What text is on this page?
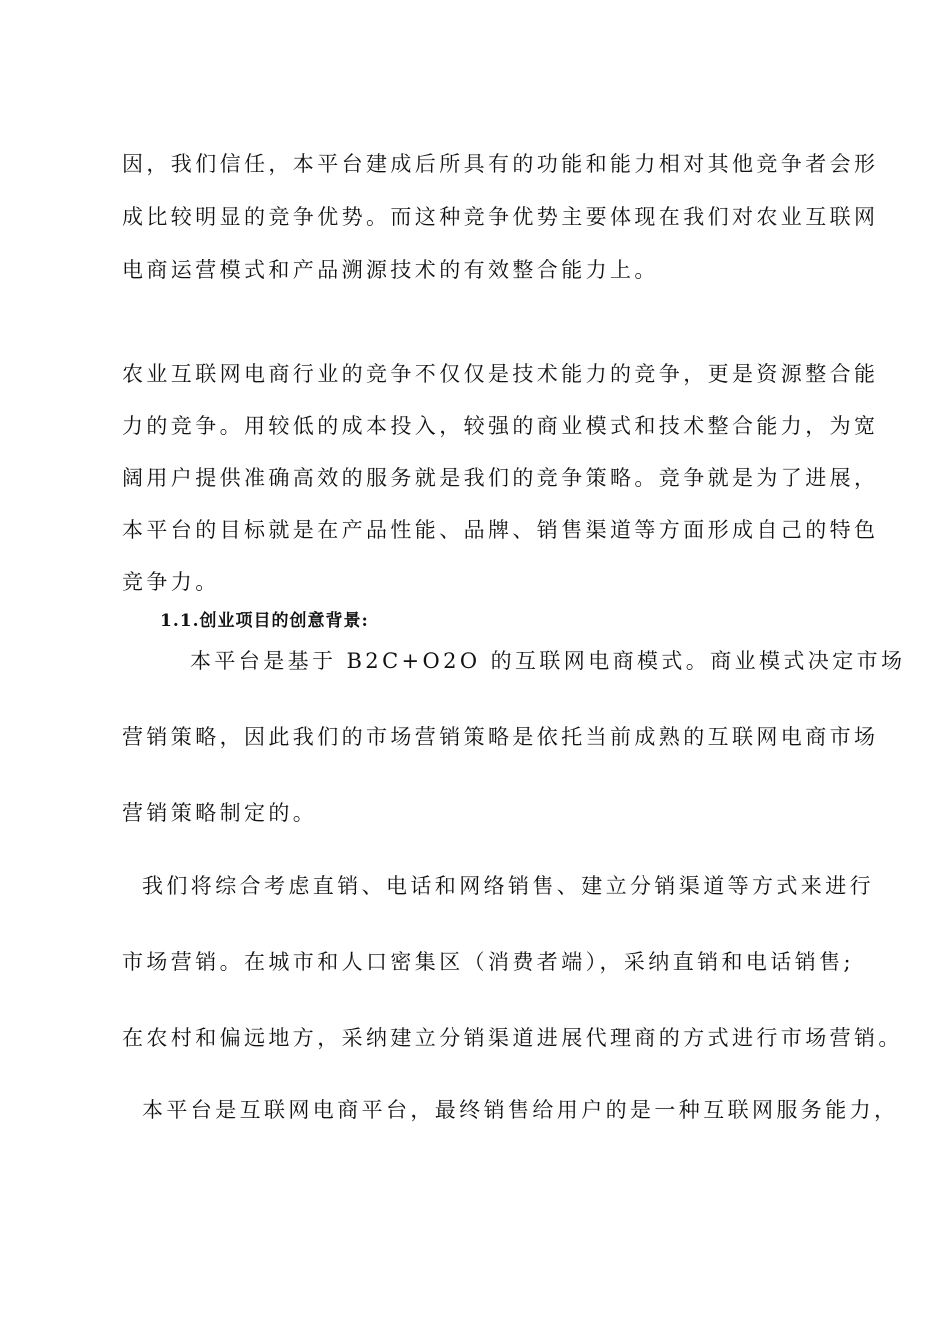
因，我们信任，本平台建成后所具有的功能和能力相对其他竞争者会形
成比较明显的竞争优势。而这种竞争优势主要体现在我们对农业互联网
电商运营模式和产品溯源技术的有效整合能力上。
农业互联网电商行业的竞争不仅仅是技术能力的竞争，更是资源整合能
力的竞争。用较低的成本投入，较强的商业模式和技术整合能力，为宽
阔用户提供准确高效的服务就是我们的竞争策略。竞争就是为了进展，
本平台的目标就是在产品性能、品牌、销售渠道等方面形成自己的特色
竞争力。
1.1.创业项目的创意背景:
本平台是基于 B2C+O2O 的互联网电商模式。商业模式决定市场
营销策略，因此我们的市场营销策略是依托当前成熟的互联网电商市场
营销策略制定的。
我们将综合考虑直销、电话和网络销售、建立分销渠道等方式来进行
市场营销。在城市和人口密集区（消费者端），采纳直销和电话销售;
在农村和偏远地方，采纳建立分销渠道进展代理商的方式进行市场营销。
本平台是互联网电商平台，最终销售给用户的是一种互联网服务能力，
